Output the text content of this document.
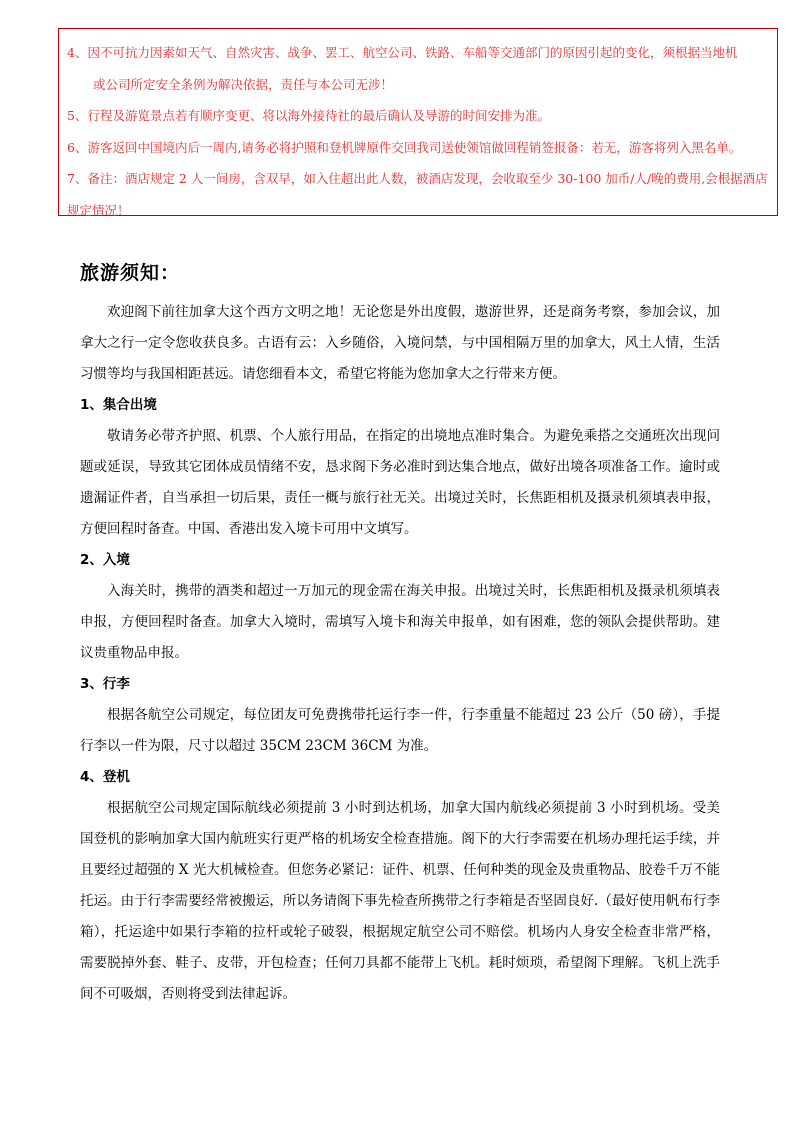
4、因不可抗力因素如天气、自然灾害、战争、罢工、航空公司、铁路、车船等交通部门的原因引起的变化，须根据当地机

或公司所定安全条例为解决依据，责任与本公司无涉！

5、行程及游览景点若有顺序变更、将以海外接待社的最后确认及导游的时间安排为准。

6、游客返回中国境内后一周内,请务必将护照和登机牌原件交回我司送使领馆做回程销签报备：若无，游客将列入黑名单。

7、备注：酒店规定 2 人一间房，含双早，如入住超出此人数，被酒店发现，会收取至少 30-100 加币/人/晚的费用,会根据酒店规定情况！

旅游须知：

欢迎阁下前往加拿大这个西方文明之地！无论您是外出度假，遨游世界，还是商务考察，参加会议，加拿大之行一定令您收获良多。古语有云：入乡随俗，入境问禁，与中国相隔万里的加拿大，风土人情，生活习惯等均与我国相距甚远。请您细看本文，希望它将能为您加拿大之行带来方便。

1、集合出境

敬请务必带齐护照、机票、个人旅行用品，在指定的出境地点准时集合。为避免乘搭之交通班次出现问题或延误，导致其它团体成员情绪不安，恳求阁下务必准时到达集合地点，做好出境各项准备工作。逾时或遗漏证件者，自当承担一切后果，责任一概与旅行社无关。出境过关时，长焦距相机及摄录机须填表申报，方便回程时备查。中国、香港出发入境卡可用中文填写。

2、入境

入海关时，携带的酒类和超过一万加元的现金需在海关申报。出境过关时，长焦距相机及摄录机须填表申报，方便回程时备查。加拿大入境时，需填写入境卡和海关申报单，如有困难，您的领队会提供帮助。建议贵重物品申报。

3、行李

根据各航空公司规定，每位团友可免费携带托运行李一件，行李重量不能超过 23 公斤（50 磅），手提行李以一件为限，尺寸以超过 35CM 23CM 36CM 为准。

4、登机

根据航空公司规定国际航线必须提前 3 小时到达机场，加拿大国内航线必须提前 3 小时到机场。受美国登机的影响加拿大国内航班实行更严格的机场安全检查措施。阁下的大行李需要在机场办理托运手续，并且要经过超强的 X 光大机械检查。但您务必紧记：证件、机票、任何种类的现金及贵重物品、胶卷千万不能托运。由于行李需要经常被搬运，所以务请阁下事先检查所携带之行李箱是否坚固良好.（最好使用帆布行李箱），托运途中如果行李箱的拉杆或轮子破裂，根据规定航空公司不赔偿。机场内人身安全检查非常严格，需要脱掉外套、鞋子、皮带，开包检查；任何刀具都不能带上飞机。耗时烦琐，希望阁下理解。飞机上洗手间不可吸烟，否则将受到法律起诉。
